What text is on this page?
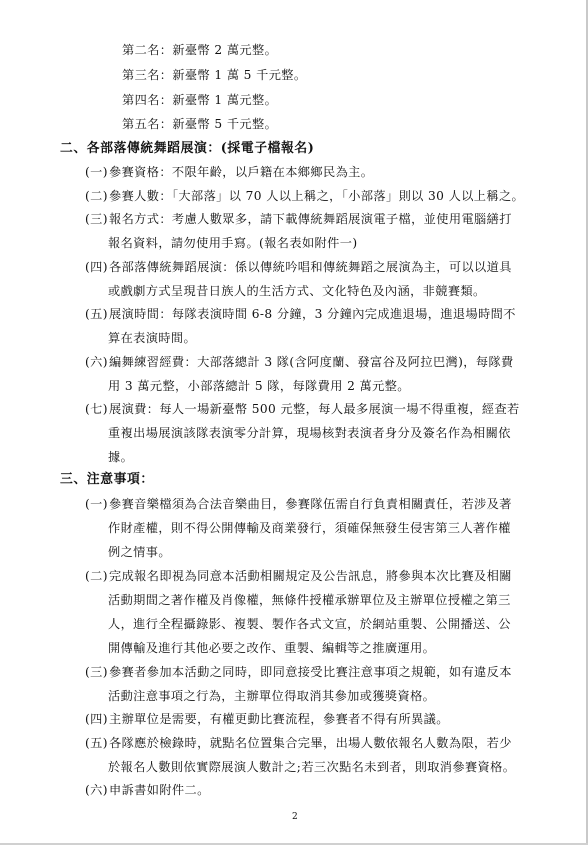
第二名：新臺幣 2 萬元整。
第三名：新臺幣 1 萬 5 千元整。
第四名：新臺幣 1 萬元整。
第五名：新臺幣 5 千元整。
二、各部落傳統舞蹈展演：(採電子檔報名)
(一) 參賽資格：不限年齡，以戶籍在本鄉鄉民為主。
(二) 參賽人數：「大部落」以 70 人以上稱之，「小部落」則以 30 人以上稱之。
(三) 報名方式：考慮人數眾多，請下載傳統舞蹈展演電子檔，並使用電腦繕打
報名資料，請勿使用手寫。(報名表如附件一)
(四) 各部落傳統舞蹈展演：係以傳統吟唱和傳統舞蹈之展演為主，可以以道具
或戲劇方式呈現昔日族人的生活方式、文化特色及內涵，非競賽類。
(五) 展演時間：每隊表演時間 6-8 分鐘，3 分鐘內完成進退場，進退場時間不
算在表演時間。
(六) 編舞練習經費：大部落總計 3 隊(含阿度蘭、發富谷及阿拉巴灣)，每隊費
用 3 萬元整，小部落總計 5 隊，每隊費用 2 萬元整。
(七) 展演費：每人一場新臺幣 500 元整，每人最多展演一場不得重複，經查若
重複出場展演該隊表演零分計算，現場核對表演者身分及簽名作為相關依
據。
三、注意事項：
(一) 參賽音樂檔須為合法音樂曲目，參賽隊伍需自行負責相關責任，若涉及著
作財產權，則不得公開傳輸及商業發行，須確保無發生侵害第三人著作權
例之情事。
(二) 完成報名即視為同意本活動相關規定及公告訊息，將參與本次比賽及相關
活動期間之著作權及肖像權，無條件授權承辦單位及主辦單位授權之第三
人，進行全程攝錄影、複製、製作各式文宣，於網站重製、公開播送、公
開傳輸及進行其他必要之改作、重製、編輯等之推廣運用。
(三) 參賽者參加本活動之同時，即同意接受比賽注意事項之規範，如有違反本
活動注意事項之行為，主辦單位得取消其參加或獲獎資格。
(四) 主辦單位是需要，有權更動比賽流程，參賽者不得有所異議。
(五) 各隊應於檢錄時，就點名位置集合完畢，出場人數依報名人數為限，若少
於報名人數則依實際展演人數計之;若三次點名未到者，則取消參賽資格。
(六) 申訴書如附件二。
2
